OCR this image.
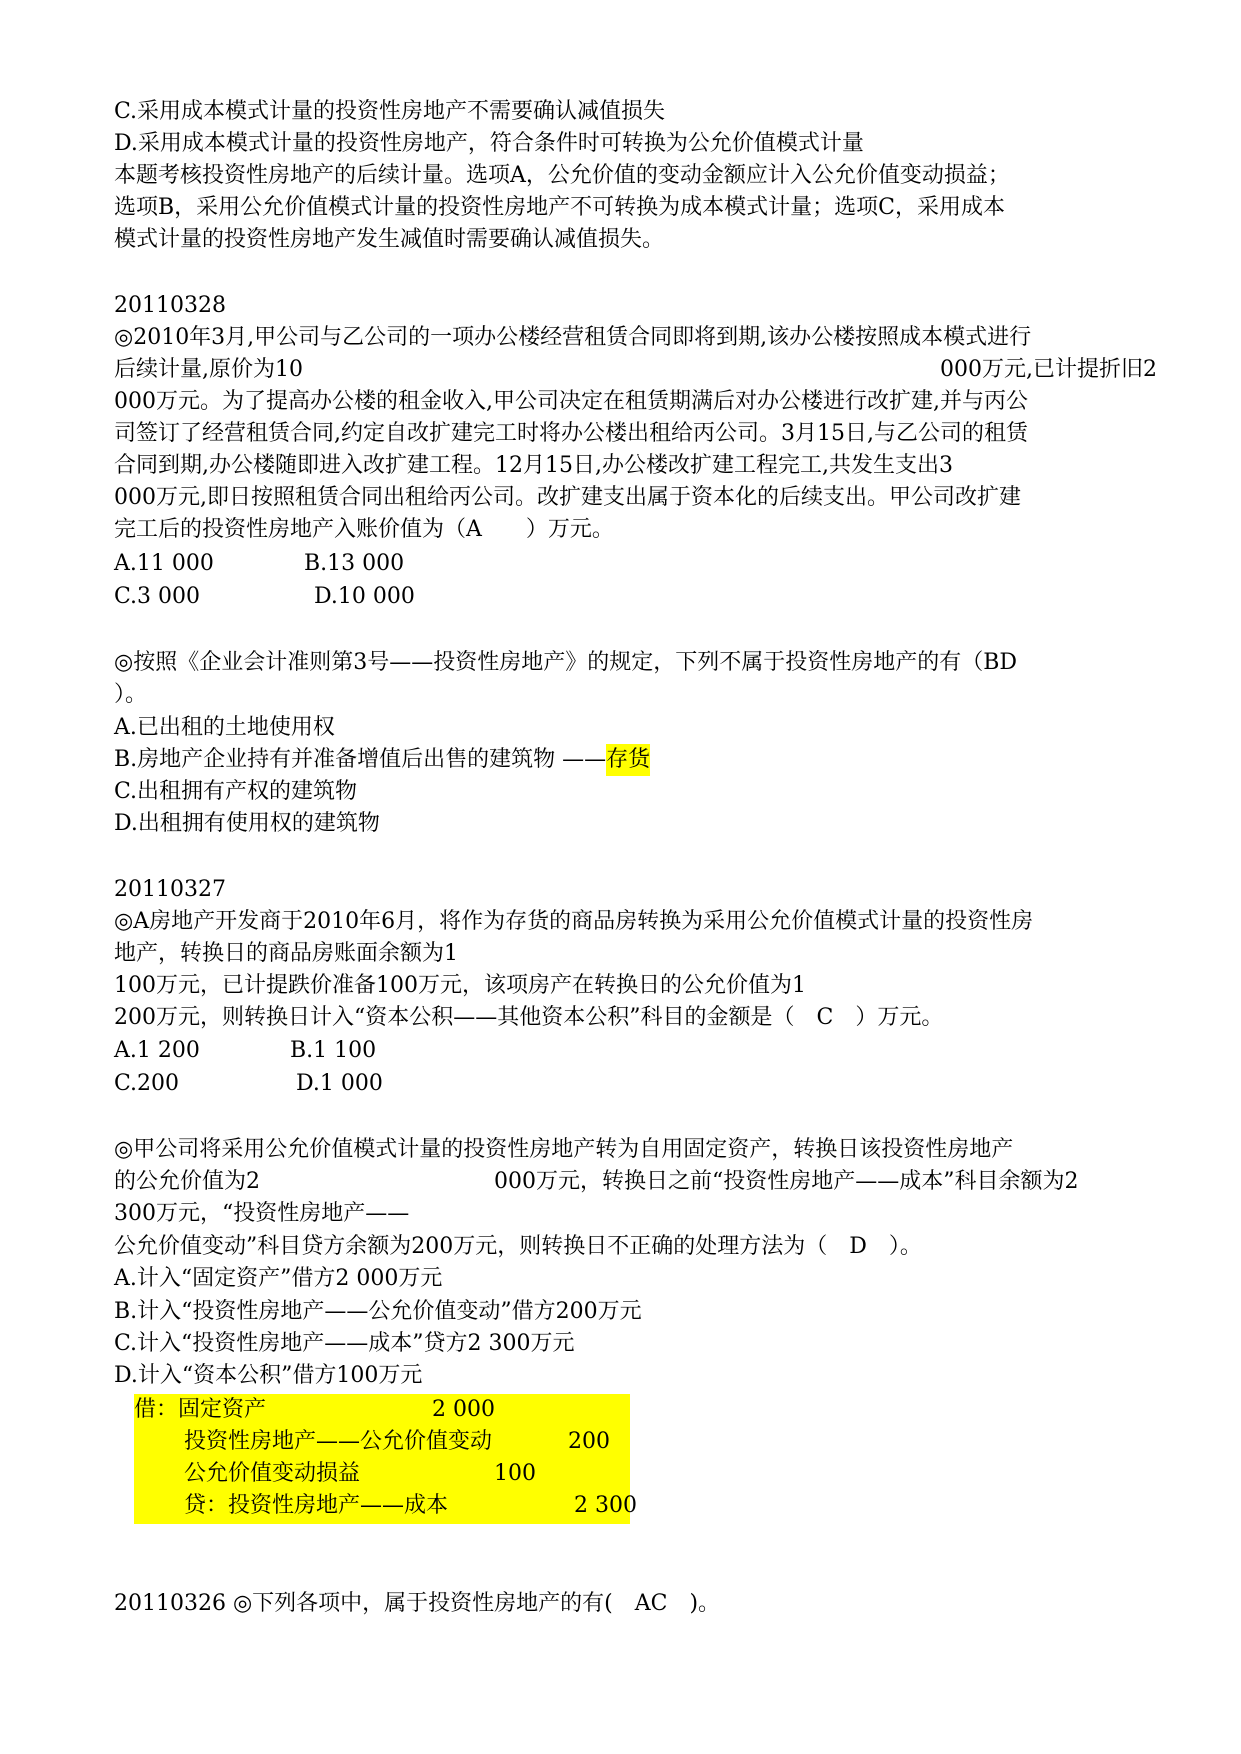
C.采用成本模式计量的投资性房地产不需要确认减值损失
D.采用成本模式计量的投资性房地产，符合条件时可转换为公允价值模式计量
本题考核投资性房地产的后续计量。选项A，公允价值的变动金额应计入公允价值变动损益；
选项B，采用公允价值模式计量的投资性房地产不可转换为成本模式计量；选项C，采用成本
模式计量的投资性房地产发生减值时需要确认减值损失。
20110328
◎2010年3月,甲公司与乙公司的一项办公楼经营租赁合同即将到期,该办公楼按照成本模式进行
后续计量,原价为10	000万元,已计提折旧2
000万元。为了提高办公楼的租金收入,甲公司决定在租赁期满后对办公楼进行改扩建,并与丙公
司签订了经营租赁合同,约定自改扩建完工时将办公楼出租给丙公司。3月15日,与乙公司的租赁
合同到期,办公楼随即进入改扩建工程。12月15日,办公楼改扩建工程完工,共发生支出3
000万元,即日按照租赁合同出租给丙公司。改扩建支出属于资本化的后续支出。甲公司改扩建
完工后的投资性房地产入账价值为（A　　）万元。
A.11 000	B.13 000
C.3 000	D.10 000
◎按照《企业会计准则第3号——投资性房地产》的规定，下列不属于投资性房地产的有（BD
）。
A.已出租的土地使用权
B.房地产企业持有并准备增值后出售的建筑物 —— 存货
C.出租拥有产权的建筑物
D.出租拥有使用权的建筑物
20110327
◎A房地产开发商于2010年6月，将作为存货的商品房转换为采用公允价值模式计量的投资性房
地产，转换日的商品房账面余额为1
100万元，已计提跌价准备100万元，该项房产在转换日的公允价值为1
200万元，则转换日计入“资本公积——其他资本公积”科目的金额是（　C　）万元。
A.1 200	B.1 100
C.200	D.1 000
◎甲公司将采用公允价值模式计量的投资性房地产转为自用固定资产，转换日该投资性房地产
的公允价值为2	000万元，转换日之前“投资性房地产——成本”科目余额为2
300万元，“投资性房地产——
公允价值变动”科目贷方余额为200万元，则转换日不正确的处理方法为（　D　）。
A.计入“固定资产”借方2 000万元
B.计入“投资性房地产——公允价值变动”借方200万元
C.计入“投资性房地产——成本”贷方2 300万元
D.计入“资本公积”借方100万元
借：固定资产	2 000
投资性房地产——公允价值变动	200
公允价值变动损益	100
贷：投资性房地产——成本	2 300
20110326 ◎下列各项中，属于投资性房地产的有(　AC　)。
